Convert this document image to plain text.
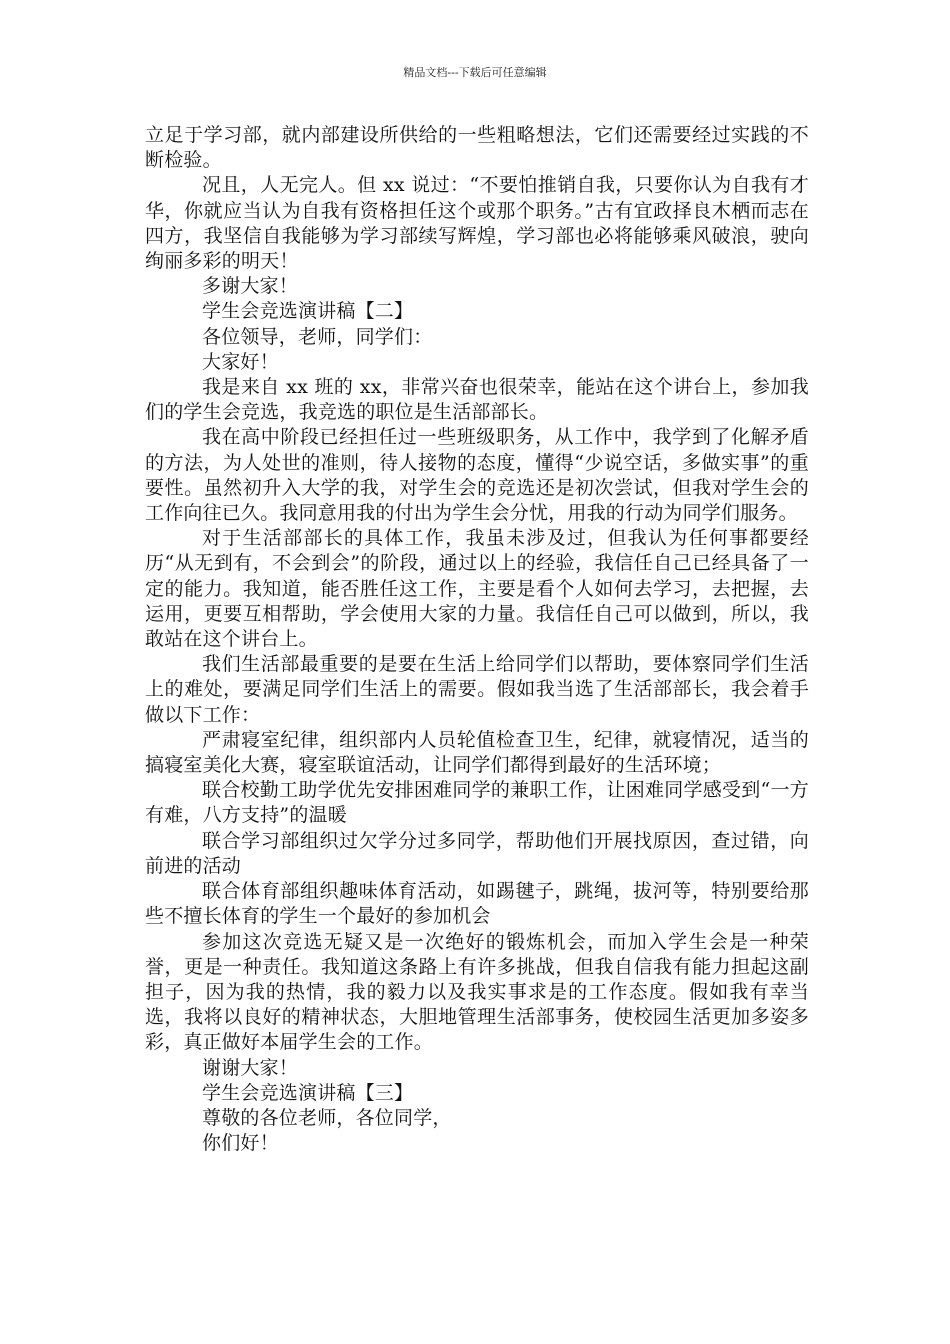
精品文档---下载后可任意编辑

立足于学习部，就内部建设所供给的一些粗略想法，它们还需要经过实践的不断检验。

况且，人无完人。但 xx 说过：“不要怕推销自我，只要你认为自我有才华，你就应当认为自我有资格担任这个或那个职务。”古有宜政择良木栖而志在四方，我坚信自我能够为学习部续写辉煌，学习部也必将能够乘风破浪，驶向绚丽多彩的明天！

多谢大家！

学生会竞选演讲稿【二】

各位领导，老师，同学们：

大家好！

我是来自 xx 班的 xx，非常兴奋也很荣幸，能站在这个讲台上，参加我们的学生会竞选，我竞选的职位是生活部部长。

我在高中阶段已经担任过一些班级职务，从工作中，我学到了化解矛盾的方法，为人处世的准则，待人接物的态度，懂得“少说空话，多做实事”的重要性。虽然初升入大学的我，对学生会的竞选还是初次尝试，但我对学生会的工作向往已久。我同意用我的付出为学生会分忧，用我的行动为同学们服务。

对于生活部部长的具体工作，我虽未涉及过，但我认为任何事都要经历“从无到有，不会到会”的阶段，通过以上的经验，我信任自己已经具备了一定的能力。我知道，能否胜任这工作，主要是看个人如何去学习，去把握，去运用，更要互相帮助，学会使用大家的力量。我信任自己可以做到，所以，我敢站在这个讲台上。

我们生活部最重要的是要在生活上给同学们以帮助，要体察同学们生活上的难处，要满足同学们生活上的需要。假如我当选了生活部部长，我会着手做以下工作：

严肃寝室纪律，组织部内人员轮值检查卫生，纪律，就寝情况，适当的搞寝室美化大赛，寝室联谊活动，让同学们都得到最好的生活环境；

联合校勤工助学优先安排困难同学的兼职工作，让困难同学感受到“一方有难，八方支持”的温暖

联合学习部组织过欠学分过多同学，帮助他们开展找原因，查过错，向前进的活动

联合体育部组织趣味体育活动，如踢毽子，跳绳，拔河等，特别要给那些不擅长体育的学生一个最好的参加机会

参加这次竞选无疑又是一次绝好的锻炼机会，而加入学生会是一种荣誉，更是一种责任。我知道这条路上有许多挑战，但我自信我有能力担起这副担子，因为我的热情，我的毅力以及我实事求是的工作态度。假如我有幸当选，我将以良好的精神状态，大胆地管理生活部事务，使校园生活更加多姿多彩，真正做好本届学生会的工作。

谢谢大家！

学生会竞选演讲稿【三】

尊敬的各位老师，各位同学，

你们好！
